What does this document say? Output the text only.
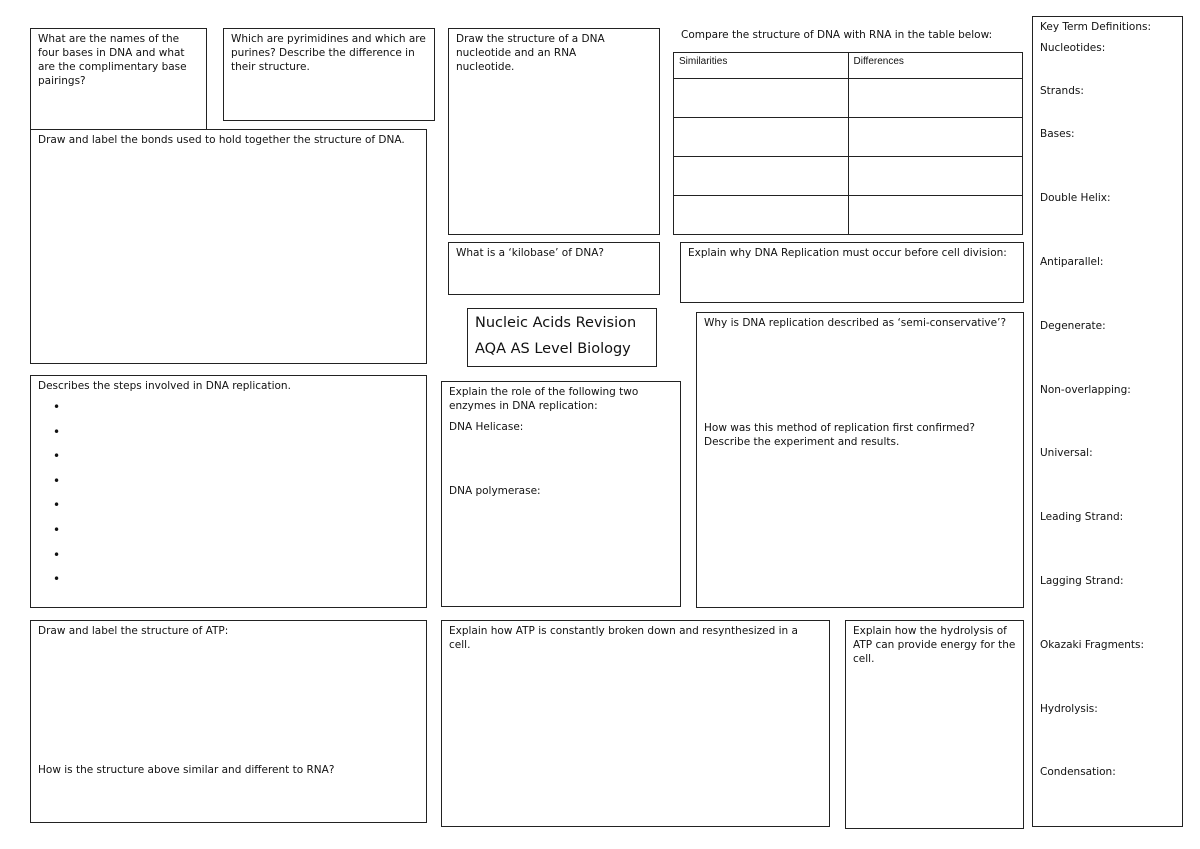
What are the names of the four bases in DNA and what are the complimentary base pairings?
Which are pyrimidines and which are purines? Describe the difference in their structure.
Draw the structure of a DNA nucleotide and an RNA nucleotide.
Compare the structure of DNA with RNA in the table below:
Similarities	Differences

Draw and label the bonds used to hold together the structure of DNA.
What is a ‘kilobase’ of DNA?	Explain why DNA Replication must occur before cell division:
Nucleic Acids Revision
AQA AS Level Biology
Why is DNA replication described as ‘semi-conservative’?
How was this method of replication first confirmed? Describe the experiment and results.
Describes the steps involved in DNA replication.	Explain the role of the following two enzymes in DNA replication:
DNA Helicase:
DNA polymerase:
Draw and label the structure of ATP:
How is the structure above similar and different to RNA?
Explain how ATP is constantly broken down and resynthesized in a cell.
Explain how the hydrolysis of ATP can provide energy for the cell.
Key Term Definitions:
Nucleotides:
Strands:
Bases:
Double Helix:
Antiparallel:
Degenerate:
Non-overlapping:
Universal:
Leading Strand:
Lagging Strand:
Okazaki Fragments:
Hydrolysis:
Condensation:
